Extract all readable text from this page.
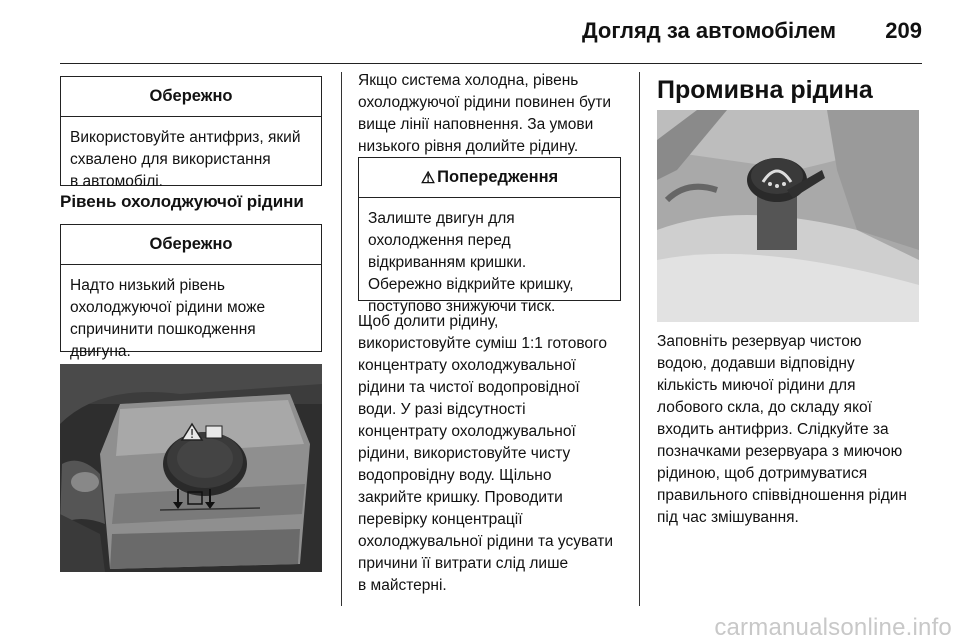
Догляд за автомобілем 209
Обережно
Використовуйте антифриз, який
схвалено для використання
в автомобілі.
Рівень охолоджуючої рідини
Обережно
Надто низький рівень
охолоджуючої рідини може
спричинити пошкодження
двигуна.
!
Якщо система холодна, рівень
охолоджуючої рідини повинен бути
вище лінії наповнення. За умови
низького рівня долийте рідину.
⚠ Попередження
Залиште двигун для
охолодження перед
відкриванням кришки.
Обережно відкрийте кришку,
поступово знижуючи тиск.
Щоб долити рідину,
використовуйте суміш 1:1 готового
концентрату охолоджувальної
рідини та чистої водопровідної
води. У разі відсутності
концентрату охолоджувальної
рідини, використовуйте чисту
водопровідну воду. Щільно
закрийте кришку. Проводити
перевірку концентрації
охолоджувальної рідини та усувати
причини її витрати слід лише
в майстерні.
Промивна рідина
Заповніть резервуар чистою
водою, додавши відповідну
кількість миючої рідини для
лобового скла, до складу якої
входить антифриз. Слідкуйте за
позначками резервуара з миючою
рідиною, щоб дотримуватися
правильного співвідношення рідин
під час змішування.
carmanualsonline.info
